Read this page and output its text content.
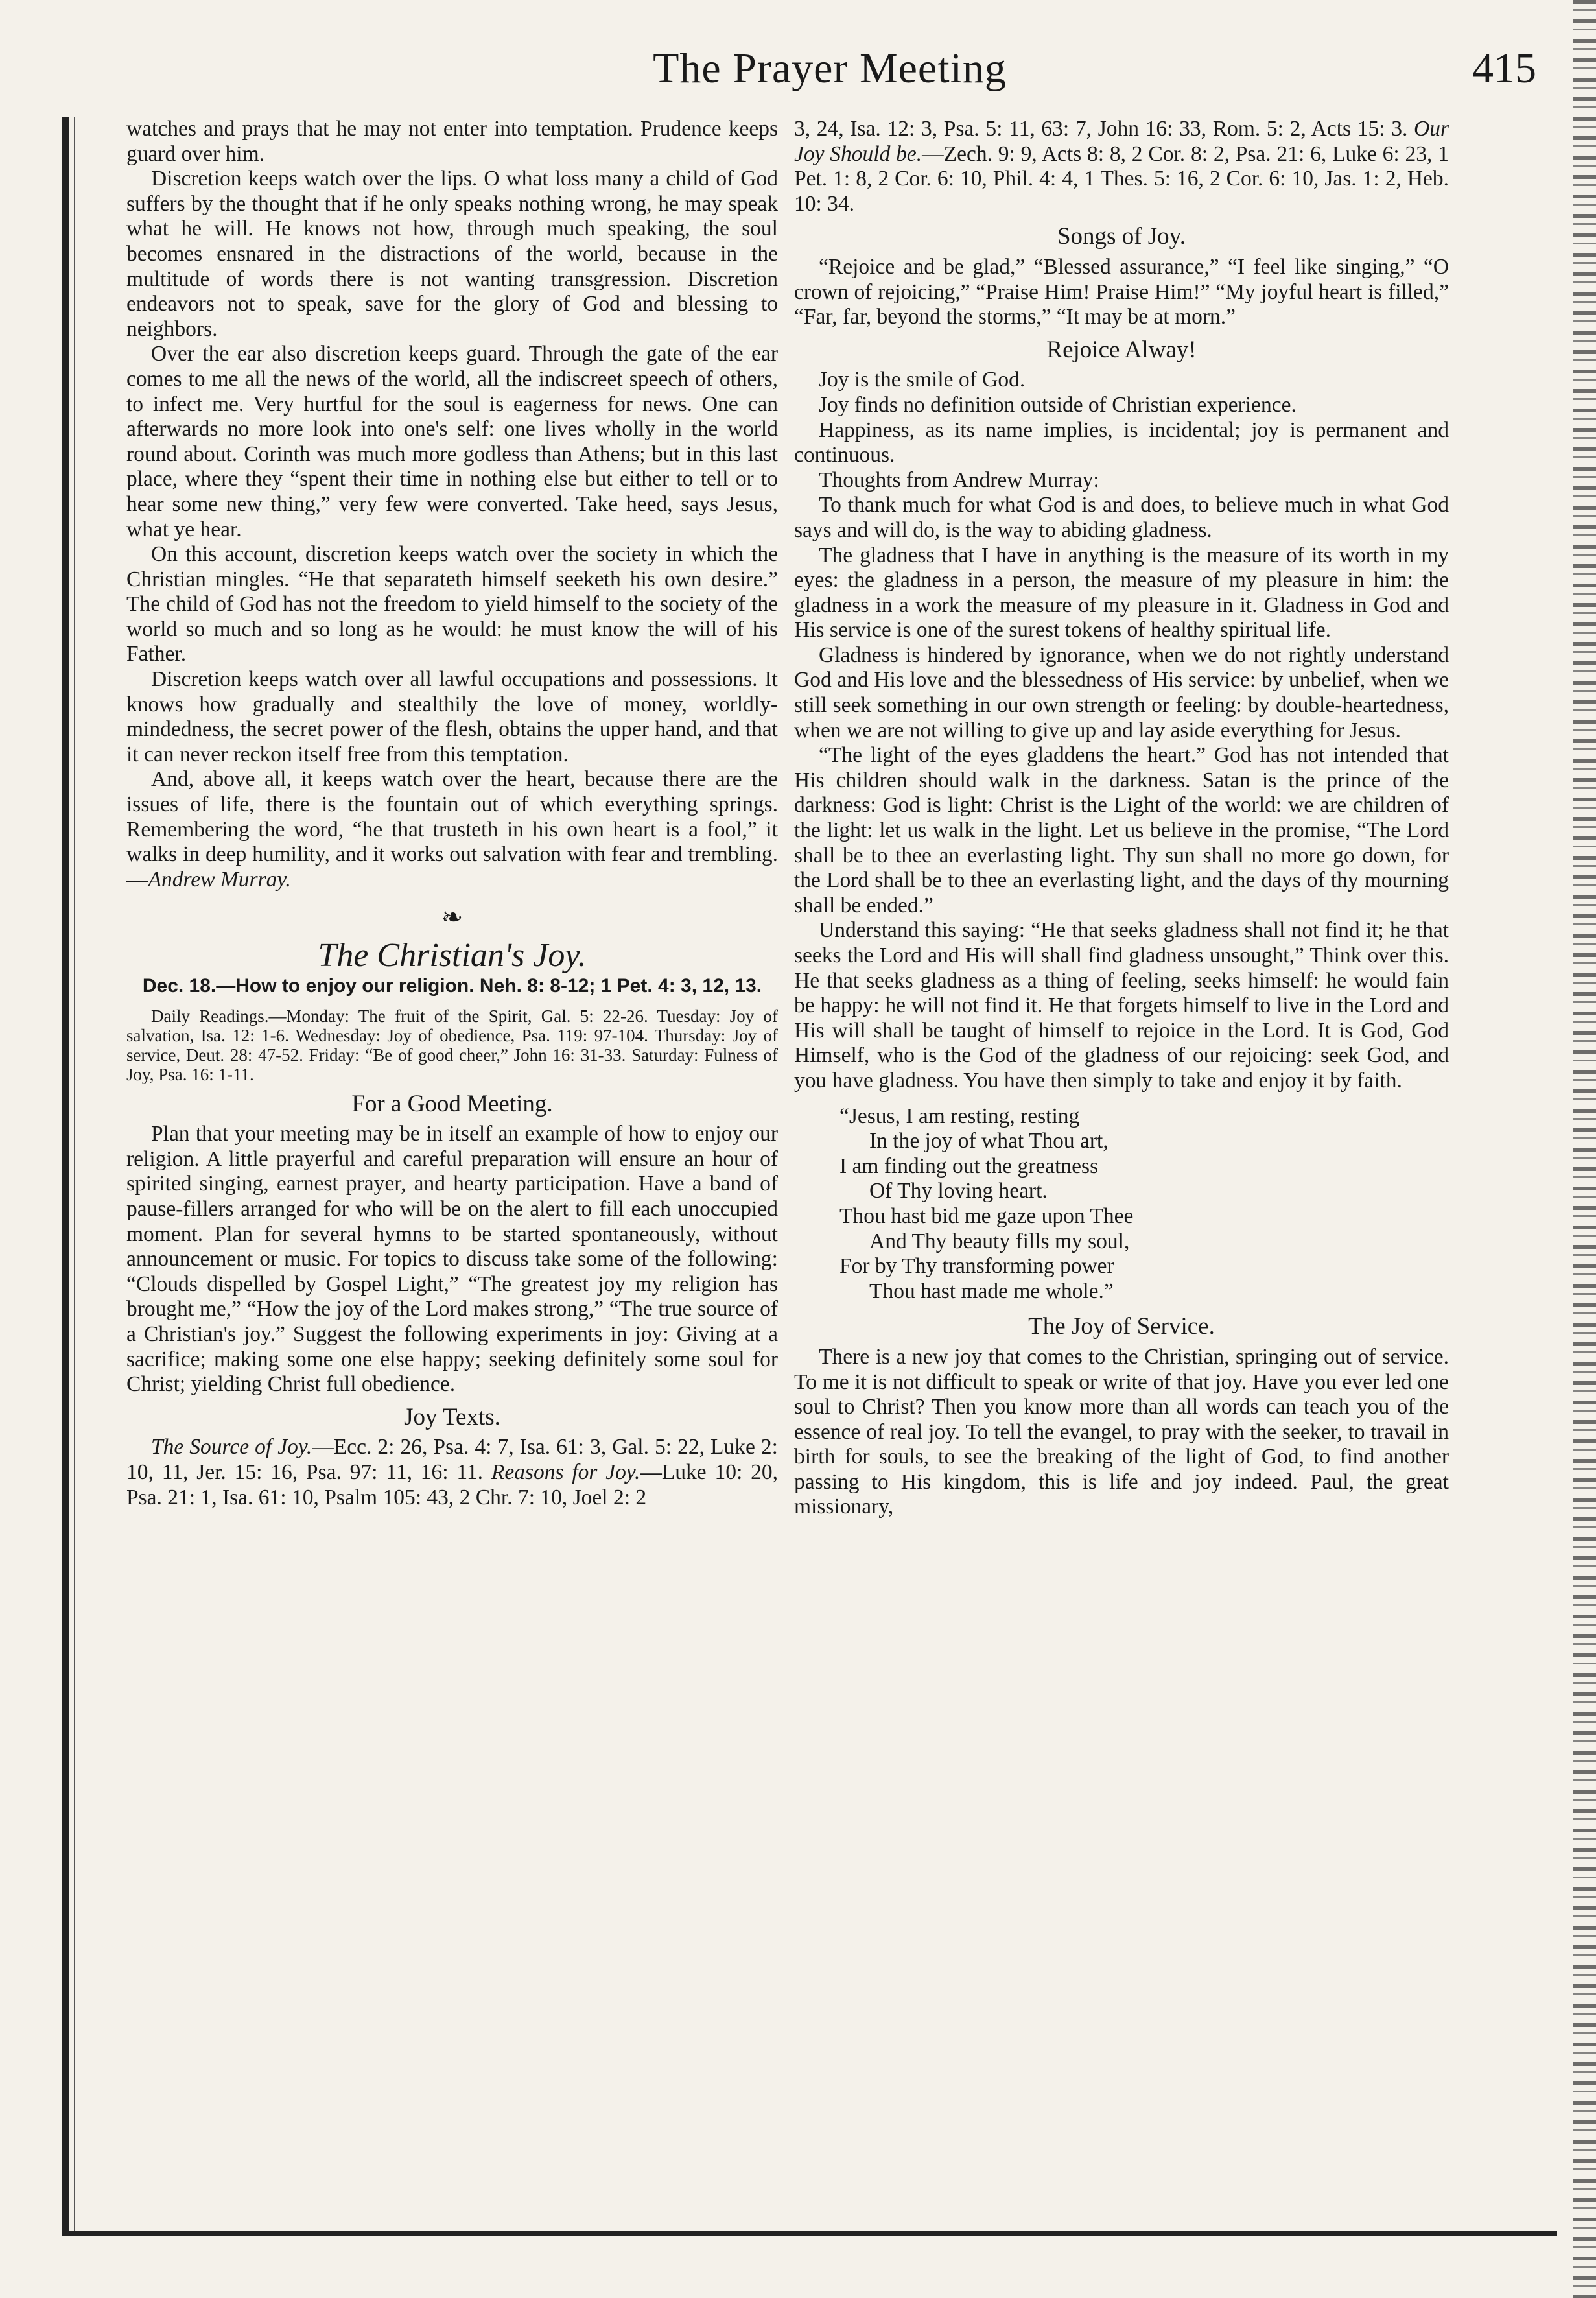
The Prayer Meeting	415

watches and prays that he may not enter into temptation. Prudence keeps guard over him.

Discretion keeps watch over the lips. O what loss many a child of God suffers by the thought that if he only speaks nothing wrong, he may speak what he will. He knows not how, through much speaking, the soul becomes ensnared in the distractions of the world, because in the multitude of words there is not wanting transgression. Discretion endeavors not to speak, save for the glory of God and blessing to neighbors.

Over the ear also discretion keeps guard. Through the gate of the ear comes to me all the news of the world, all the indiscreet speech of others, to infect me. Very hurtful for the soul is eagerness for news. One can afterwards no more look into one's self: one lives wholly in the world round about. Corinth was much more godless than Athens; but in this last place, where they “spent their time in nothing else but either to tell or to hear some new thing,” very few were converted. Take heed, says Jesus, what ye hear.

On this account, discretion keeps watch over the society in which the Christian mingles. “He that separateth himself seeketh his own desire.” The child of God has not the freedom to yield himself to the society of the world so much and so long as he would: he must know the will of his Father.

Discretion keeps watch over all lawful occupations and possessions. It knows how gradually and stealthily the love of money, worldly-mindedness, the secret power of the flesh, obtains the upper hand, and that it can never reckon itself free from this temptation.

And, above all, it keeps watch over the heart, because there are the issues of life, there is the fountain out of which everything springs. Remembering the word, “he that trusteth in his own heart is a fool,” it walks in deep humility, and it works out salvation with fear and trembling.—Andrew Murray.

❧
The Christian's Joy.
Dec. 18.—How to enjoy our religion. Neh. 8: 8-12; 1 Pet. 4: 3, 12, 13.

Daily Readings.—Monday: The fruit of the Spirit, Gal. 5: 22-26. Tuesday: Joy of salvation, Isa. 12: 1-6. Wednesday: Joy of obedience, Psa. 119: 97-104. Thursday: Joy of service, Deut. 28: 47-52. Friday: “Be of good cheer,” John 16: 31-33. Saturday: Fulness of Joy, Psa. 16: 1-11.

For a Good Meeting.

Plan that your meeting may be in itself an example of how to enjoy our religion. A little prayerful and careful preparation will ensure an hour of spirited singing, earnest prayer, and hearty participation. Have a band of pause-fillers arranged for who will be on the alert to fill each unoccupied moment. Plan for several hymns to be started spontaneously, without announcement or music. For topics to discuss take some of the following: “Clouds dispelled by Gospel Light,” “The greatest joy my religion has brought me,” “How the joy of the Lord makes strong,” “The true source of a Christian's joy.” Suggest the following experiments in joy: Giving at a sacrifice; making some one else happy; seeking definitely some soul for Christ; yielding Christ full obedience.

Joy Texts.

The Source of Joy.—Ecc. 2: 26, Psa. 4: 7, Isa. 61: 3, Gal. 5: 22, Luke 2: 10, 11, Jer. 15: 16, Psa. 97: 11, 16: 11. Reasons for Joy.—Luke 10: 20, Psa. 21: 1, Isa. 61: 10, Psalm 105: 43, 2 Chr. 7: 10, Joel 2: 2

3, 24, Isa. 12: 3, Psa. 5: 11, 63: 7, John 16: 33, Rom. 5: 2, Acts 15: 3. Our Joy Should be.—Zech. 9: 9, Acts 8: 8, 2 Cor. 8: 2, Psa. 21: 6, Luke 6: 23, 1 Pet. 1: 8, 2 Cor. 6: 10, Phil. 4: 4, 1 Thes. 5: 16, 2 Cor. 6: 10, Jas. 1: 2, Heb. 10: 34.

Songs of Joy.

“Rejoice and be glad,” “Blessed assurance,” “I feel like singing,” “O crown of rejoicing,” “Praise Him! Praise Him!” “My joyful heart is filled,” “Far, far, beyond the storms,” “It may be at morn.”

Rejoice Alway!

Joy is the smile of God.

Joy finds no definition outside of Christian experience.

Happiness, as its name implies, is incidental; joy is permanent and continuous.

Thoughts from Andrew Murray:

To thank much for what God is and does, to believe much in what God says and will do, is the way to abiding gladness.

The gladness that I have in anything is the measure of its worth in my eyes: the gladness in a person, the measure of my pleasure in him: the gladness in a work the measure of my pleasure in it. Gladness in God and His service is one of the surest tokens of healthy spiritual life.

Gladness is hindered by ignorance, when we do not rightly understand God and His love and the blessedness of His service: by unbelief, when we still seek something in our own strength or feeling: by double-heartedness, when we are not willing to give up and lay aside everything for Jesus.

“The light of the eyes gladdens the heart.” God has not intended that His children should walk in the darkness. Satan is the prince of the darkness: God is light: Christ is the Light of the world: we are children of the light: let us walk in the light. Let us believe in the promise, “The Lord shall be to thee an everlasting light. Thy sun shall no more go down, for the Lord shall be to thee an everlasting light, and the days of thy mourning shall be ended.”

Understand this saying: “He that seeks gladness shall not find it; he that seeks the Lord and His will shall find gladness unsought,” Think over this. He that seeks gladness as a thing of feeling, seeks himself: he would fain be happy: he will not find it. He that forgets himself to live in the Lord and His will shall be taught of himself to rejoice in the Lord. It is God, God Himself, who is the God of the gladness of our rejoicing: seek God, and you have gladness. You have then simply to take and enjoy it by faith.

“Jesus, I am resting, resting
In the joy of what Thou art,
I am finding out the greatness
Of Thy loving heart.
Thou hast bid me gaze upon Thee
And Thy beauty fills my soul,
For by Thy transforming power
Thou hast made me whole.”
The Joy of Service.

There is a new joy that comes to the Christian, springing out of service. To me it is not difficult to speak or write of that joy. Have you ever led one soul to Christ? Then you know more than all words can teach you of the essence of real joy. To tell the evangel, to pray with the seeker, to travail in birth for souls, to see the breaking of the light of God, to find another passing to His kingdom, this is life and joy indeed. Paul, the great missionary,
